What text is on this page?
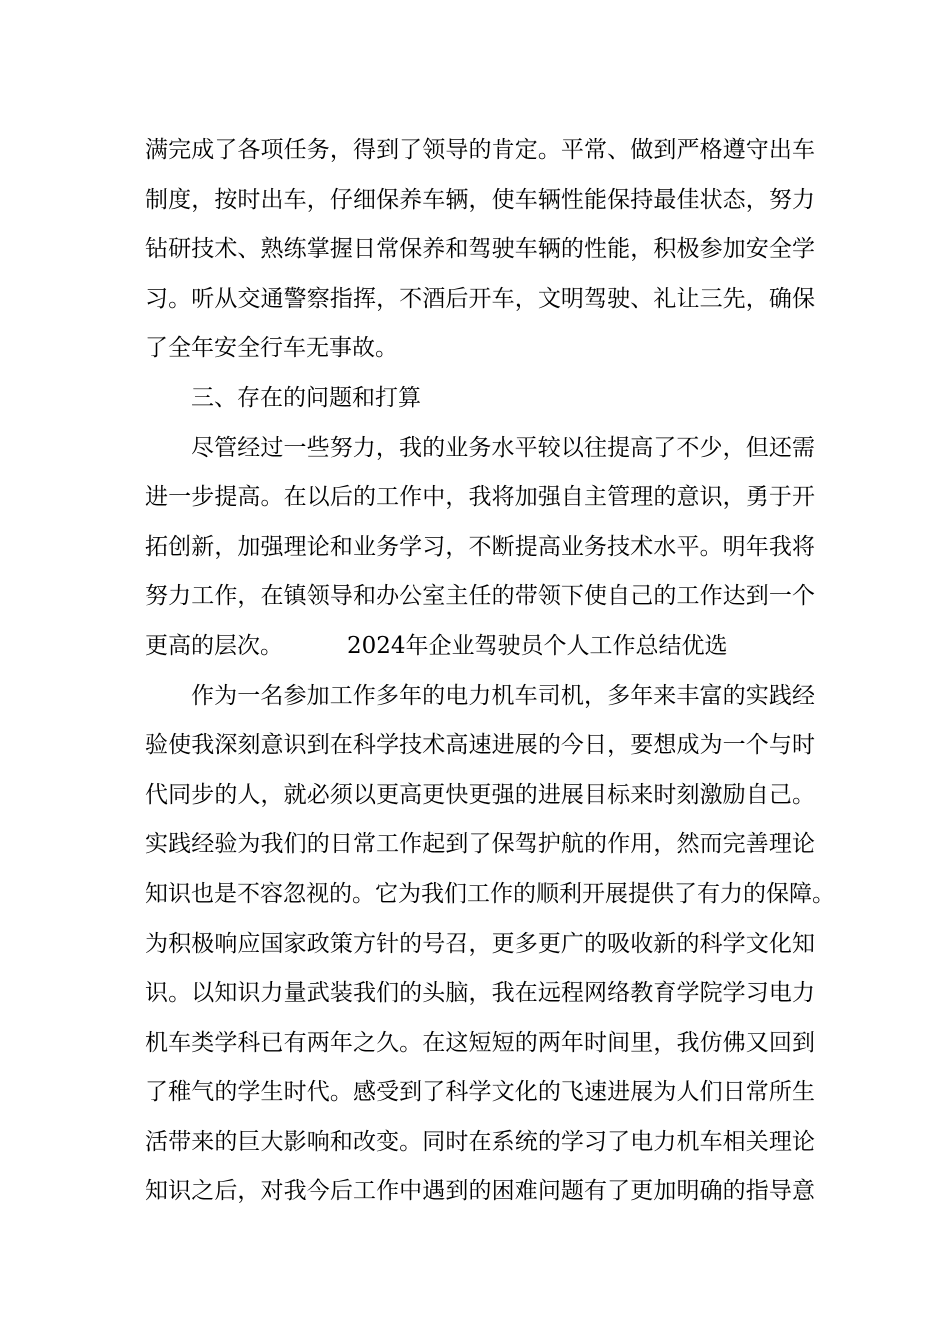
满完成了各项任务，得到了领导的肯定。平常、做到严格遵守出车
制度，按时出车，仔细保养车辆，使车辆性能保持最佳状态，努力
钻研技术、熟练掌握日常保养和驾驶车辆的性能，积极参加安全学
习。听从交通警察指挥，不酒后开车，文明驾驶、礼让三先，确保
了全年安全行车无事故。
三、存在的问题和打算
尽管经过一些努力，我的业务水平较以往提高了不少，但还需
进一步提高。在以后的工作中，我将加强自主管理的意识，勇于开
拓创新，加强理论和业务学习，不断提高业务技术水平。明年我将
努力工作，在镇领导和办公室主任的带领下使自己的工作达到一个
更高的层次。	2024年企业驾驶员个人工作总结优选
作为一名参加工作多年的电力机车司机，多年来丰富的实践经
验使我深刻意识到在科学技术高速进展的今日，要想成为一个与时
代同步的人，就必须以更高更快更强的进展目标来时刻激励自己。
实践经验为我们的日常工作起到了保驾护航的作用，然而完善理论
知识也是不容忽视的。它为我们工作的顺利开展提供了有力的保障。
为积极响应国家政策方针的号召，更多更广的吸收新的科学文化知
识。以知识力量武装我们的头脑，我在远程网络教育学院学习电力
机车类学科已有两年之久。在这短短的两年时间里，我仿佛又回到
了稚气的学生时代。感受到了科学文化的飞速进展为人们日常所生
活带来的巨大影响和改变。同时在系统的学习了电力机车相关理论
知识之后，对我今后工作中遇到的困难问题有了更加明确的指导意
